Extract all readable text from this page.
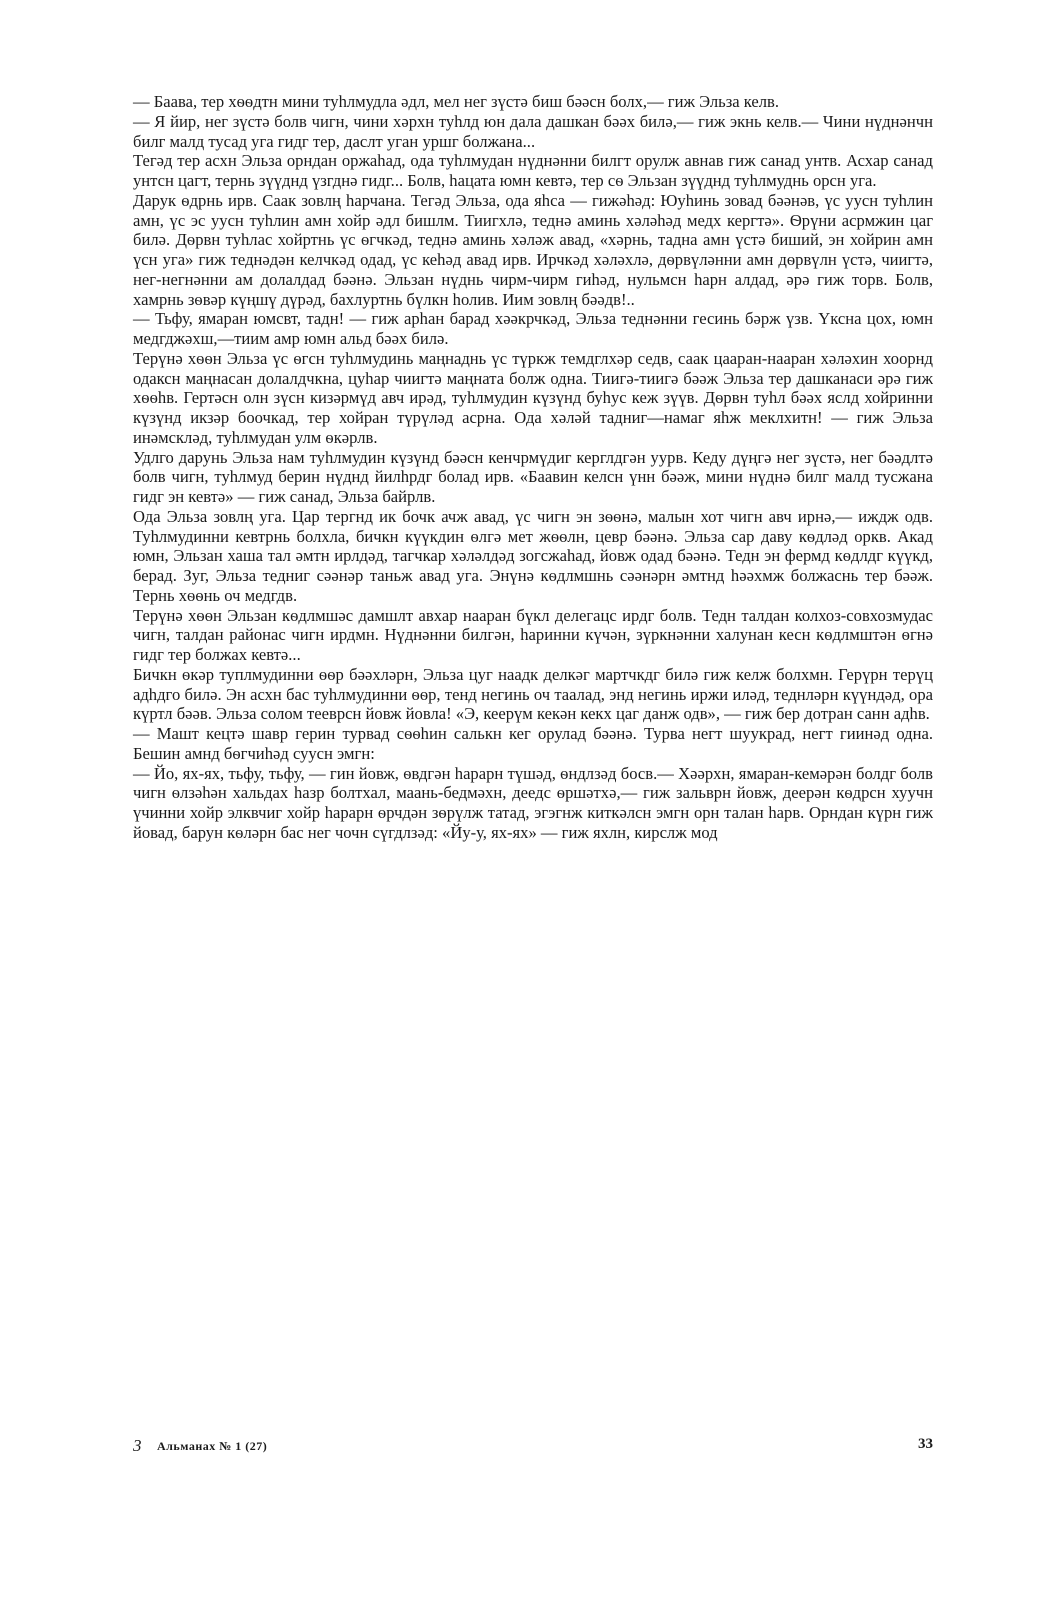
— Баава, тер хѳѳдтн мини туһлмудла әдл, мел нег зүстә биш бәәсн болх,— гиж Эльза келв.

— Я йир, нег зүстә болв чигн, чини хәрхн туһлд юн дала дашкан бәәх билә,— гиж экнь келв.— Чини нүднәнчн билг малд тусад уга гидг тер, даслт уган уршг болжана...

Тегәд тер асхн Эльза орндан оржаһад, ода туһлмудан нүднәнни билгт орулж авнав гиж санад унтв. Асхар санад унтсн цагт, тернь зүүднд үзгднә гидг... Болв, һацата юмн кевтә, тер сѳ Эльзан зүүднд туһлмуднь орсн уга.

Дарук ѳдрнь ирв. Саак зовлң һарчана. Тегәд Эльза, ода яһса — гижәһәд: Юуһинь зовад бәәнәв, үс уусн туһлин амн, үс эс уусн туһлин амн хойр әдл бишлм. Тиигхлә, теднә аминь хәләһәд медх кергтә». Ѳрүни асрмжин цаг билә. Дѳрвн туһлас хойртнь үс ѳгчкәд, теднә аминь хәләж авад, «хәрнь, тадна амн үстә биший, эн хойрин амн үсн уга» гиж теднәдән келчкәд одад, үс кеһәд авад ирв. Ирчкәд хәләхлә, дѳрвүләнни амн дѳрвүлн үстә, чиигтә, нег-негнәнни ам долалдад бәәнә. Эльзан нүднь чирм-чирм гиһәд, нульмсн һарн алдад, әрә гиж торв. Болв, хамрнь зѳвәр күңшү дүрәд, бахлуртнь бүлкн һолив. Иим зовлң бәәдв!..

— Тьфу, ямаран юмсвт, тадн! — гиж арһан барад хәәкрчкәд, Эльза теднәнни гесинь бәрж үзв. Үксна цох, юмн медгджәхш,—тиим амр юмн альд бәәх билә.

Терүнә хѳѳн Эльза үс ѳгсн туһлмудинь маңнаднь үс түркж темдглхәр седв, саак цааран-нааран хәләхин хоорнд одаксн маңнасан долалдчкна, цуһар чиигтә маңната болж одна. Тиигә-тиигә бәәж Эльза тер дашканаси әрә гиж хѳѳһв. Гертәсн олн зүсн кизәрмүд авч ирәд, туһлмудин күзүнд буһус кеж зүүв. Дѳрвн туһл бәәх яслд хойринни күзүнд икзәр боочкад, тер хойран түрүләд асрна. Ода хәләй тадниг—намаг яһж меклхитн! — гиж Эльза инәмскләд, туһлмудан улм ѳкәрлв.

Удлго дарунь Эльза нам туһлмудин күзүнд бәәсн кенчрмүдиг керглдгән уурв. Кеду дүңгә нег зүстә, нег бәәдлтә болв чигн, туһлмуд берин нүднд йилһрдг болад ирв. «Баавин келсн үнн бәәж, мини нүднә билг малд тусжана гидг эн кевтә» — гиж санад, Эльза байрлв.

Ода Эльза зовлң уга. Цар тергнд ик бочк ачж авад, үс чигн эн зѳѳнә, малын хот чигн авч ирнә,— иждж одв. Туһлмудинни кевтрнь болхла, бичкн күүкдин ѳлгә мет жѳѳлн, цевр бәәнә. Эльза сар даву кѳдләд оркв. Акад юмн, Эльзан хаша тал әмтн ирлдәд, тагчкар хәләлдәд зогсжаһад, йовж одад бәәнә. Тедн эн фермд кѳдлдг күүкд, берад. Зуг, Эльза тедниг сәәнәр таньж авад уга. Энүнә кѳдлмшнь сәәнәрн әмтнд һәәхмж болжаснь тер бәәж. Тернь хѳѳнь оч медгдв.

Терүнә хѳѳн Эльзан кѳдлмшәс дамшлт авхар нааран бүкл делегацс ирдг болв. Тедн талдан колхоз-совхозмудас чигн, талдан районас чигн ирдмн. Нүднәнни билгән, һаринни күчән, зүркнәнни халунан кесн кѳдлмштән ѳгнә гидг тер болжах кевтә...

Бичкн ѳкәр туплмудинни ѳѳр бәәхләрн, Эльза цуг наадк делкәг мартчкдг билә гиж келж болхмн. Герүрн терүц адһдго билә. Эн асхн бас туһлмудинни ѳѳр, тенд негинь оч таалад, энд негинь иржи иләд, теднләрн күүндәд, ора күртл бәәв. Эльза солом тееврсн йовж йовла! «Э, кеерүм кекән кекх цаг данж одв», — гиж бер дотран санн адһв.

— Машт кецтә шавр герин турвад сѳѳһин салькн кег орулад бәәнә. Турва негт шуукрад, негт гиинәд одна. Бешин амнд бѳгчиһәд суусн эмгн:

— Йо, ях-ях, тьфу, тьфу, — гин йовж, ѳвдгән һарарн түшәд, ѳндлзәд босв.— Хәәрхн, ямаран-кемәрән болдг болв чигн ѳлзәһән хальдах һазр болтхал, маань-бедмәхн, деедс ѳршәтхә,— гиж зальврн йовж, деерән кѳдрсн хуучн үчинни хойр элквчиг хойр һарарн ѳрчдән зѳрүлж татад, эгэгнж киткәлсн эмгн орн талан һарв. Орндан күрн гиж йовад, барун кѳләрн бас нег чочн сүгдлзәд: «Йу-у, ях-ях» — гиж яхлн, кирслж мод

3 Альманах № 1 (27)	33
